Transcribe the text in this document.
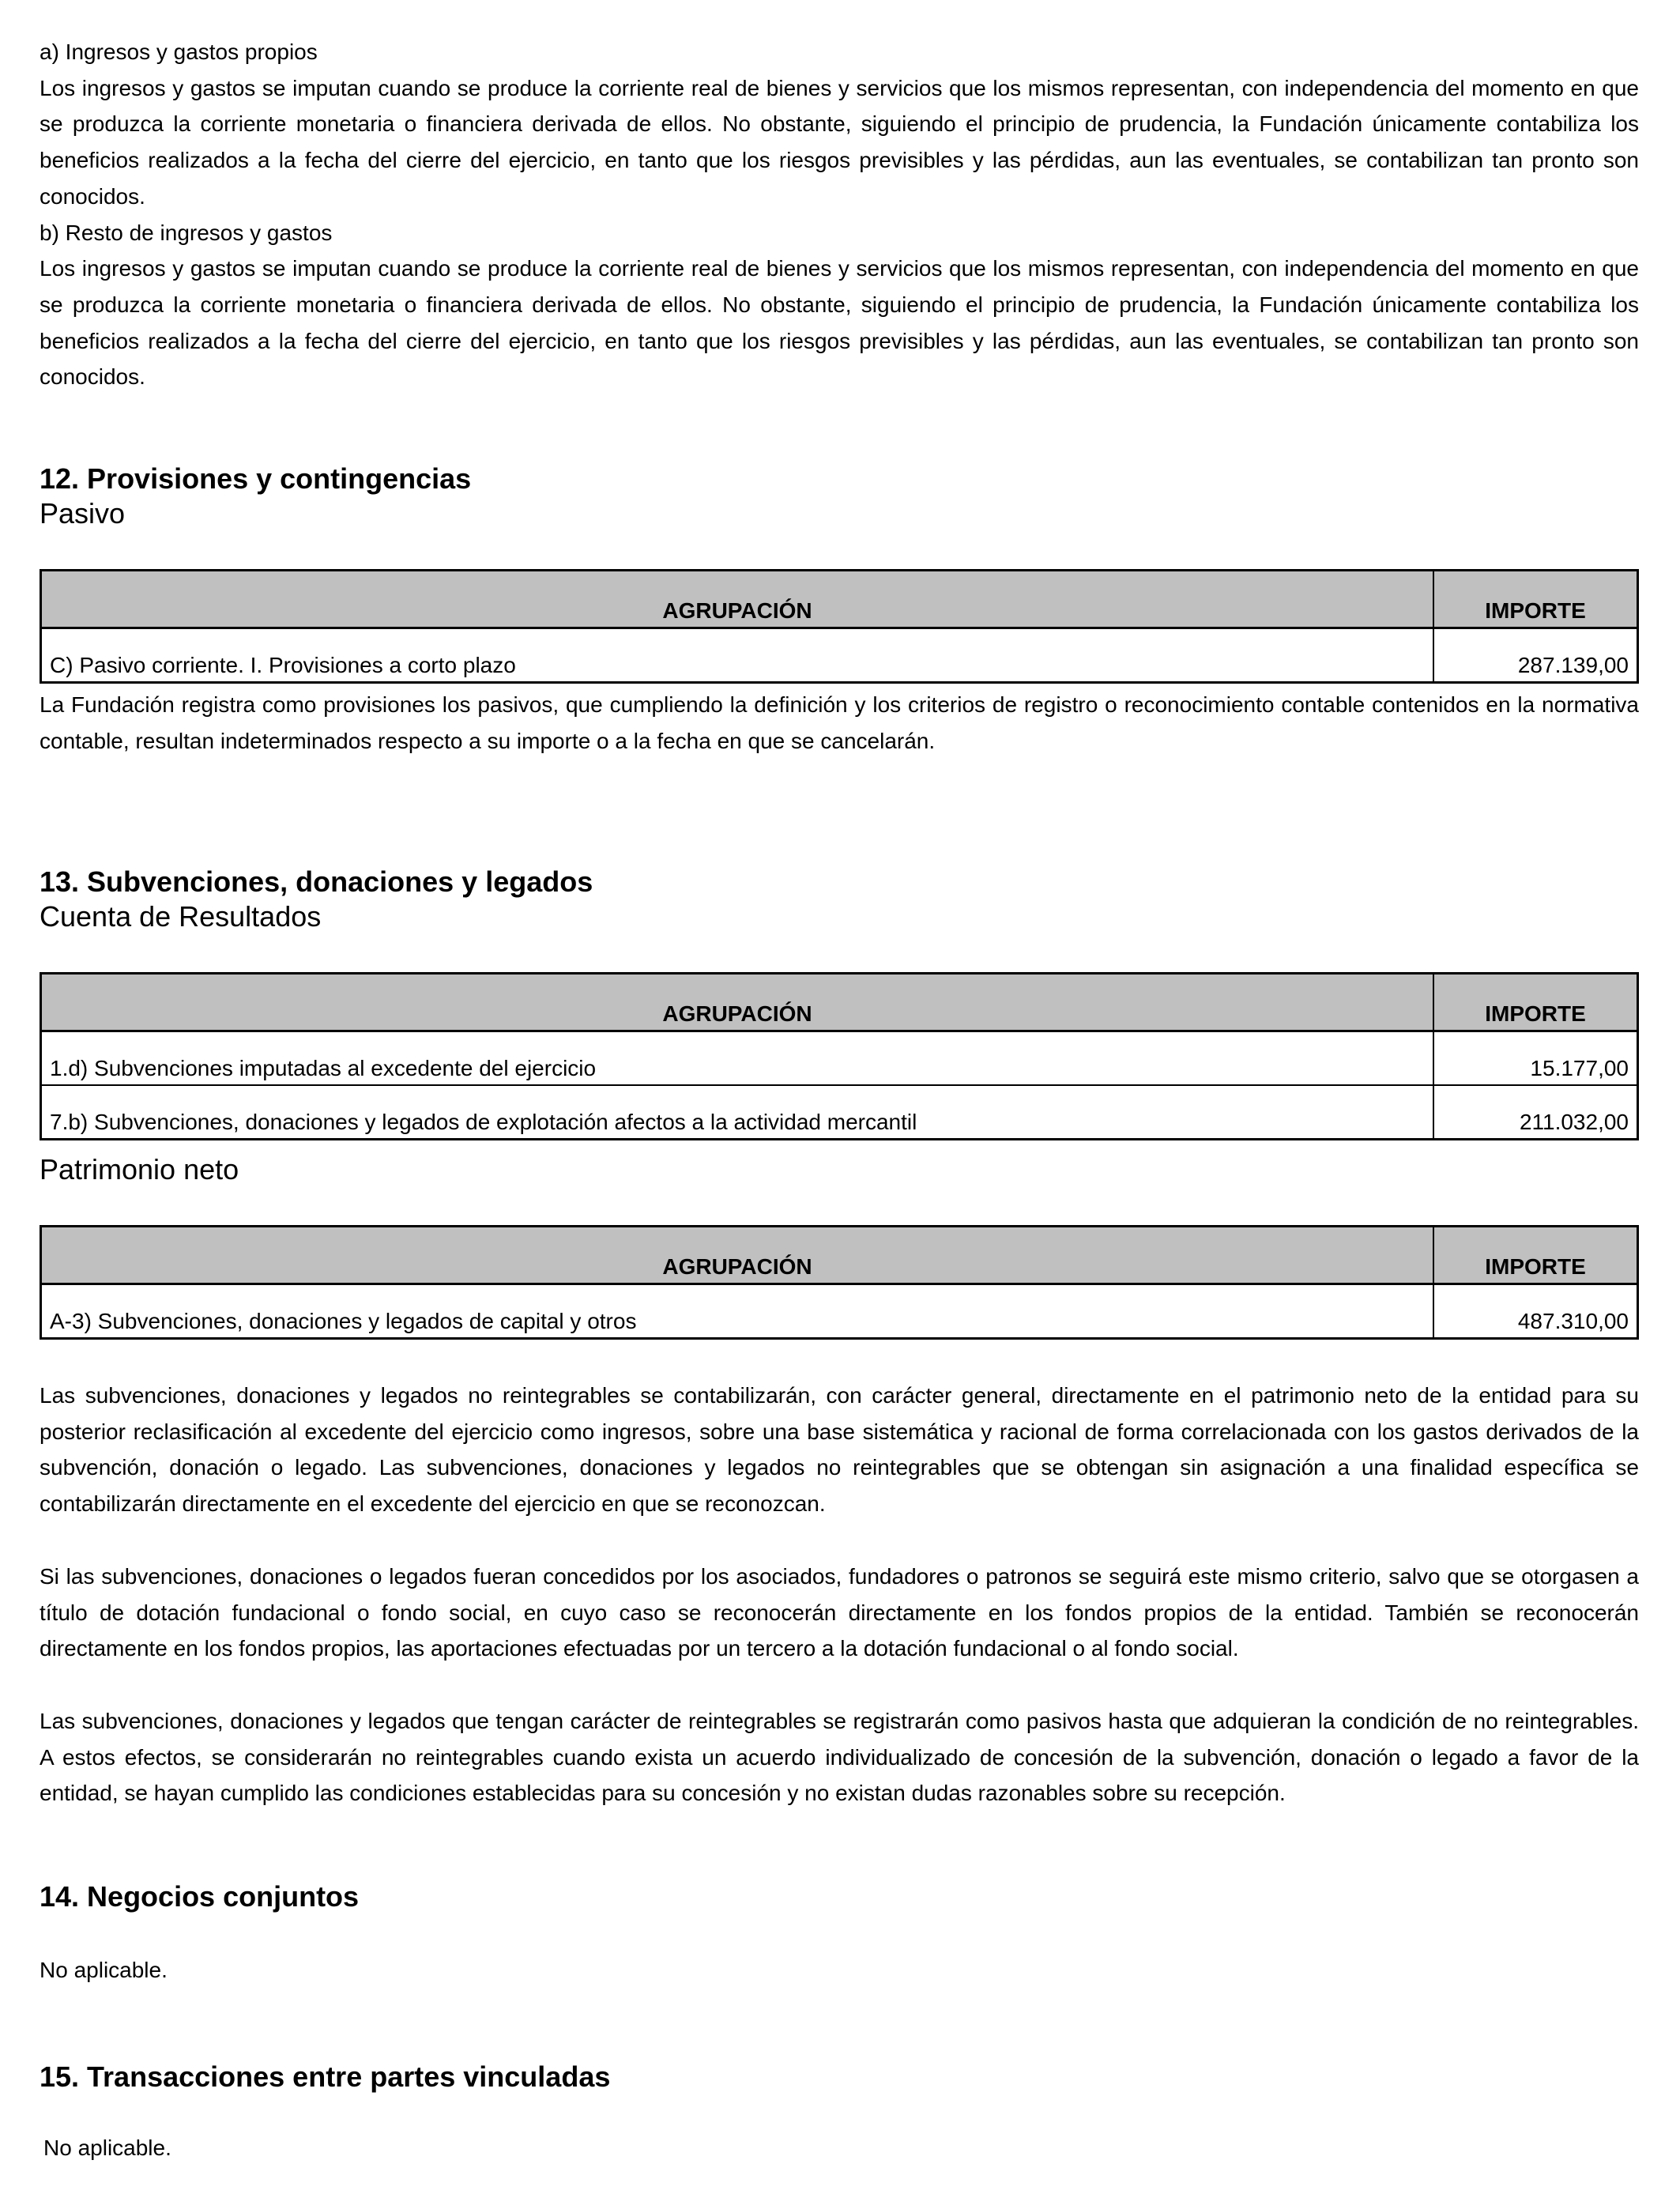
a) Ingresos y gastos propios

Los ingresos y gastos se imputan cuando se produce la corriente real de bienes y servicios que los mismos representan, con independencia del momento en que se produzca la corriente monetaria o financiera derivada de ellos. No obstante, siguiendo el principio de prudencia, la Fundación únicamente contabiliza los beneficios realizados a la fecha del cierre del ejercicio, en tanto que los riesgos previsibles y las pérdidas, aun las eventuales, se contabilizan tan pronto son conocidos.

b) Resto de ingresos y gastos

Los ingresos y gastos se imputan cuando se produce la corriente real de bienes y servicios que los mismos representan, con independencia del momento en que se produzca la corriente monetaria o financiera derivada de ellos. No obstante, siguiendo el principio de prudencia, la Fundación únicamente contabiliza los beneficios realizados a la fecha del cierre del ejercicio, en tanto que los riesgos previsibles y las pérdidas, aun las eventuales, se contabilizan tan pronto son conocidos.

12. Provisiones y contingencias

Pasivo

AGRUPACIÓN	IMPORTE
C) Pasivo corriente. I. Provisiones a corto plazo	287.139,00

La Fundación registra como provisiones los pasivos, que cumpliendo la definición y los criterios de registro o reconocimiento contable contenidos en la normativa contable, resultan indeterminados respecto a su importe o a la fecha en que se cancelarán.

13. Subvenciones, donaciones y legados

Cuenta de Resultados

AGRUPACIÓN	IMPORTE
1.d) Subvenciones imputadas al excedente del ejercicio	15.177,00
7.b) Subvenciones, donaciones y legados de explotación afectos a la actividad mercantil	211.032,00

Patrimonio neto

AGRUPACIÓN	IMPORTE
A-3) Subvenciones, donaciones y legados de capital y otros	487.310,00

Las subvenciones, donaciones y legados no reintegrables se contabilizarán, con carácter general, directamente en el patrimonio neto de la entidad para su posterior reclasificación al excedente del ejercicio como ingresos, sobre una base sistemática y racional de forma correlacionada con los gastos derivados de la subvención, donación o legado. Las subvenciones, donaciones y legados no reintegrables que se obtengan sin asignación a una finalidad específica se contabilizarán directamente en el excedente del ejercicio en que se reconozcan.

Si las subvenciones, donaciones o legados fueran concedidos por los asociados, fundadores o patronos se seguirá este mismo criterio, salvo que se otorgasen a título de dotación fundacional o fondo social, en cuyo caso se reconocerán directamente en los fondos propios de la entidad. También se reconocerán directamente en los fondos propios, las aportaciones efectuadas por un tercero a la dotación fundacional o al fondo social.

Las subvenciones, donaciones y legados que tengan carácter de reintegrables se registrarán como pasivos hasta que adquieran la condición de no reintegrables. A estos efectos, se considerarán no reintegrables cuando exista un acuerdo individualizado de concesión de la subvención, donación o legado a favor de la entidad, se hayan cumplido las condiciones establecidas para su concesión y no existan dudas razonables sobre su recepción.

14. Negocios conjuntos

No aplicable.

15. Transacciones entre partes vinculadas

No aplicable.
